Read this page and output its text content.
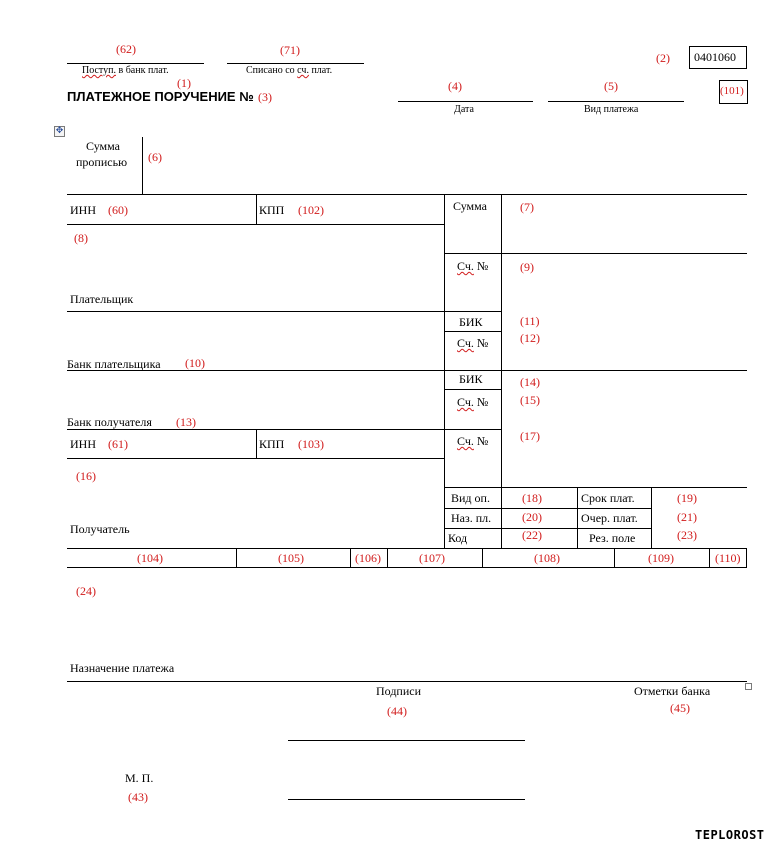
(62)
Поступ. в банк плат.
(71)
Списано со сч. плат.
(2) 0401060
(101)
(1)
ПЛАТЕЖНОЕ ПОРУЧЕНИЕ № (3)
(4)
Дата
(5)
Вид платежа
✥
Сумма
прописью (6)
ИНН (60)	КПП (102)
(8)
Плательщик
Банк плательщика (10)
Сумма	(7)
Сч. №	(9)
БИК	(11)
Сч. №	(12)
БИК	(14)
Сч. №	(15)
Сч. №	(17)
Банк получателя (13)
ИНН (61)	КПП (103)
(16)
Получатель
Вид оп.	(18)	Срок плат.	(19)
Наз. пл.	(20)	Очер. плат.	(21)
Код	(22)	Рез. поле	(23)
(104)	(105)	(106)	(107)	(108)	(109)	(110)
(24)
Назначение платежа
Подписи
(44)
Отметки банка
(45)
М. П.
(43)
TEPLOROST
